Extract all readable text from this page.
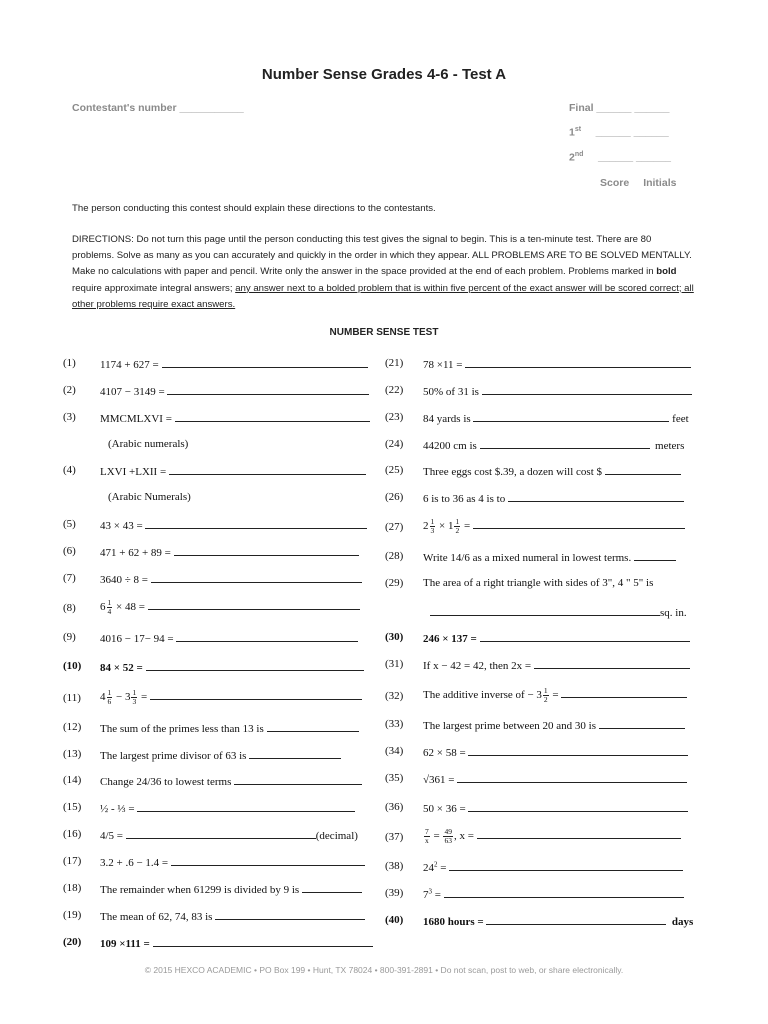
Number Sense Grades 4-6 - Test A
Contestant's number ___________	Final ______ ______
1st ______ ______
2nd ______ ______
Score Initials
The person conducting this contest should explain these directions to the contestants.
DIRECTIONS: Do not turn this page until the person conducting this test gives the signal to begin. This is a ten-minute test. There are 80 problems. Solve as many as you can accurately and quickly in the order in which they appear. ALL PROBLEMS ARE TO BE SOLVED MENTALLY. Make no calculations with paper and pencil. Write only the answer in the space provided at the end of each problem. Problems marked in bold require approximate integral answers; any answer next to a bolded problem that is within five percent of the exact answer will be scored correct; all other problems require exact answers.
NUMBER SENSE TEST
(1) 1174 + 627 =
(2) 4107 − 3149 =
(3) MMCMLXVI =
(Arabic numerals)
(4) LXVI +LXII =
(Arabic Numerals)
(5) 43 × 43 =
(6) 471 + 62 + 89 =
(7) 3640 ÷ 8 =
(8) $6 \frac{1}{4} \times 48$ =
(9) 4016 − 17− 94 =
(10) 84 × 52 =
(11) $4 \frac{1}{6} - 3 \frac{1}{3}$ =
(12) The sum of the primes less than 13 is
(13) The largest prime divisor of 63 is
(14) Change 24/36 to lowest terms
(15) ½ - ⅓ =
(16) 4/5 =	(decimal)
(17) 3.2 + .6 − 1.4 =
(18) The remainder when 61299 is divided by 9 is
(19) The mean of 62, 74, 83 is
(20) 109 ×111 =
(21) 78 ×11 =
(22) 50% of 31 is
(23) 84 yards is	feet
(24) 44200 cm is	meters
(25) Three eggs cost $.39, a dozen will cost $
(26) 6 is to 36 as 4 is to
(27) $2 \frac{1}{3} \times 1 \frac{1}{2}$ =
(28) Write 14/6 as a mixed numeral in lowest terms.
(29) The area of a right triangle with sides of 3", 4 " 5" is
sq. in.
(30) 246 × 137 =
(31) If x − 42 = 42, then 2x =
(32) The additive inverse of − $3 \frac{1}{2}$ =
(33) The largest prime between 20 and 30 is
(34) 62 × 58 =
(35) √361 =
(36) 50 × 36 =
(37)	$\frac{7}{x} = \frac{49}{63}$ , x =
(38) $24^2$ =
(39) $7^3$ =
(40) 1680 hours =	days
© 2015 HEXCO ACADEMIC • PO Box 199 • Hunt, TX 78024 • 800-391-2891 • Do not scan, post to web, or share electronically.
